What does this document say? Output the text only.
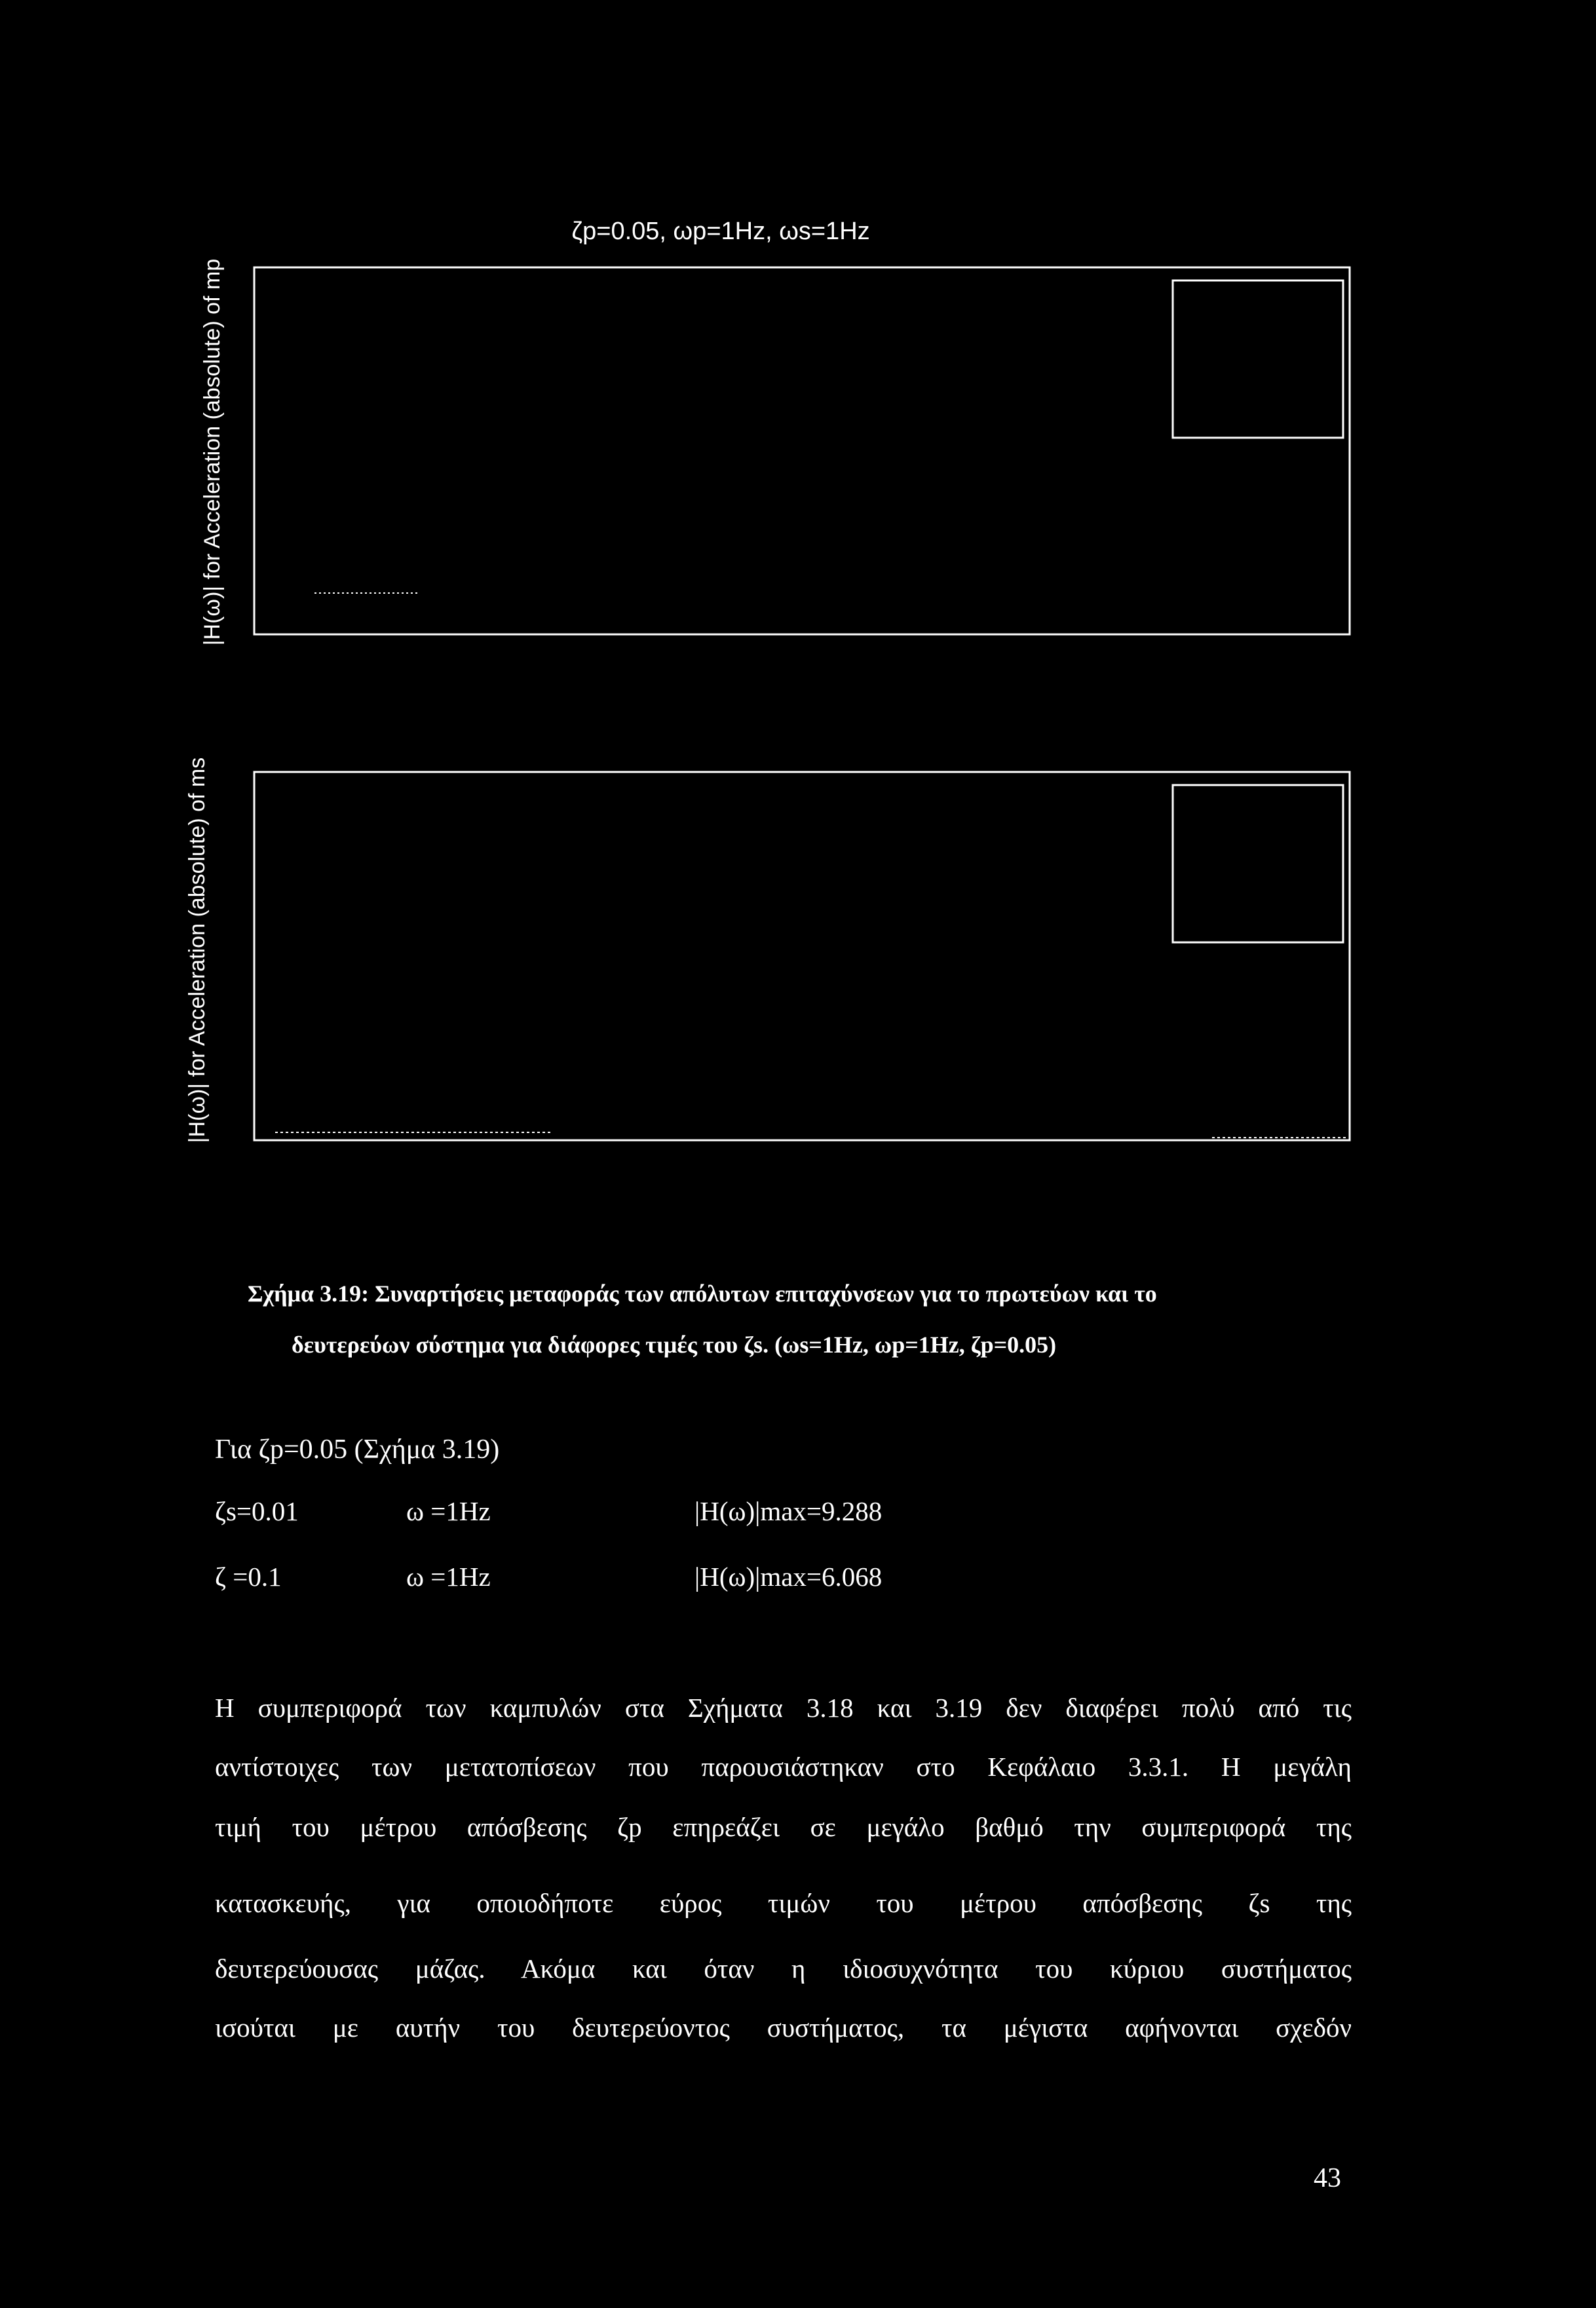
ζp=0.05, ωp=1Hz, ωs=1Hz
|H(ω)| for Acceleration (absolute) of mp
|H(ω)| for Acceleration (absolute) of ms
Σχήμα 3.19: Συναρτήσεις μεταφοράς των απόλυτων επιταχύνσεων για το πρωτεύων και το
δευτερεύων σύστημα για διάφορες τιμές του ζs. (ωs=1Hz, ωp=1Hz, ζp=0.05)
Για ζp=0.05 (Σχήμα 3.19)
ζs=0.01	ω =1Hz	|H(ω)|max=9.288
ζ =0.1	ω =1Hz	|H(ω)|max=6.068
Η συμπεριφορά των καμπυλών στα Σχήματα 3.18 και 3.19 δεν διαφέρει πολύ από τις
αντίστοιχες των μετατοπίσεων που παρουσιάστηκαν στο Κεφάλαιο 3.3.1. Η μεγάλη
τιμή του μέτρου απόσβεσης ζp επηρεάζει σε μεγάλο βαθμό την συμπεριφορά της
κατασκευής, για οποιοδήποτε εύρος τιμών του μέτρου απόσβεσης ζs της
δευτερεύουσας μάζας. Ακόμα και όταν η ιδιοσυχνότητα του κύριου συστήματος
ισούται με αυτήν του δευτερεύοντος συστήματος, τα μέγιστα αφήνονται σχεδόν
43
